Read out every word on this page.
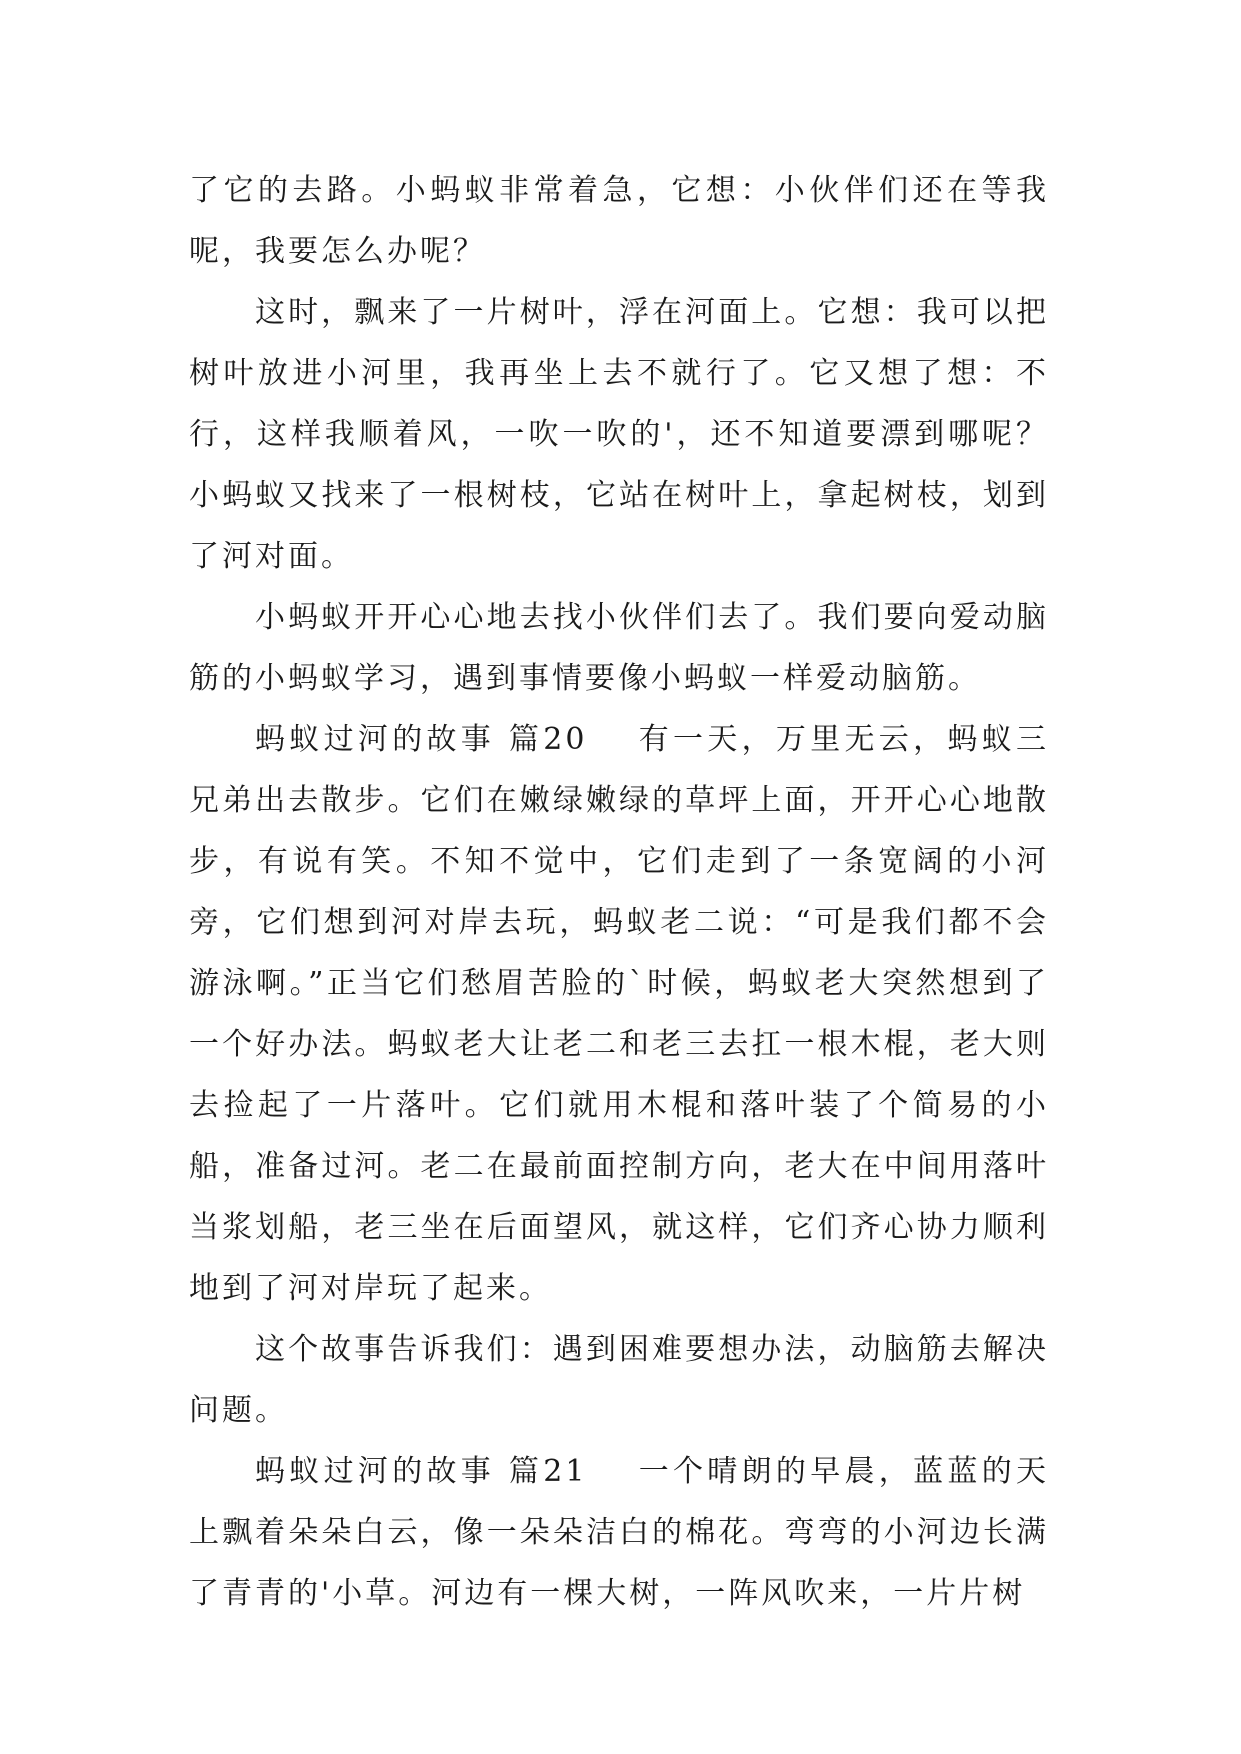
了它的去路。小蚂蚁非常着急，它想：小伙伴们还在等我呢，我要怎么办呢？

这时，飘来了一片树叶，浮在河面上。它想：我可以把树叶放进小河里，我再坐上去不就行了。它又想了想：不行，这样我顺着风，一吹一吹的'，还不知道要漂到哪呢？小蚂蚁又找来了一根树枝，它站在树叶上，拿起树枝，划到了河对面。

小蚂蚁开开心心地去找小伙伴们去了。我们要向爱动脑筋的小蚂蚁学习，遇到事情要像小蚂蚁一样爱动脑筋。

蚂蚁过河的故事 篇20 有一天，万里无云，蚂蚁三兄弟出去散步。它们在嫩绿嫩绿的草坪上面，开开心心地散步，有说有笑。不知不觉中，它们走到了一条宽阔的小河旁，它们想到河对岸去玩，蚂蚁老二说：“可是我们都不会游泳啊。”正当它们愁眉苦脸的`时候，蚂蚁老大突然想到了一个好办法。蚂蚁老大让老二和老三去扛一根木棍，老大则去捡起了一片落叶。它们就用木棍和落叶装了个简易的小船，准备过河。老二在最前面控制方向，老大在中间用落叶当浆划船，老三坐在后面望风，就这样，它们齐心协力顺利地到了河对岸玩了起来。

这个故事告诉我们：遇到困难要想办法，动脑筋去解决问题。

蚂蚁过河的故事 篇21 一个晴朗的早晨，蓝蓝的天上飘着朵朵白云，像一朵朵洁白的棉花。弯弯的小河边长满了青青的'小草。河边有一棵大树，一阵风吹来，一片片树
